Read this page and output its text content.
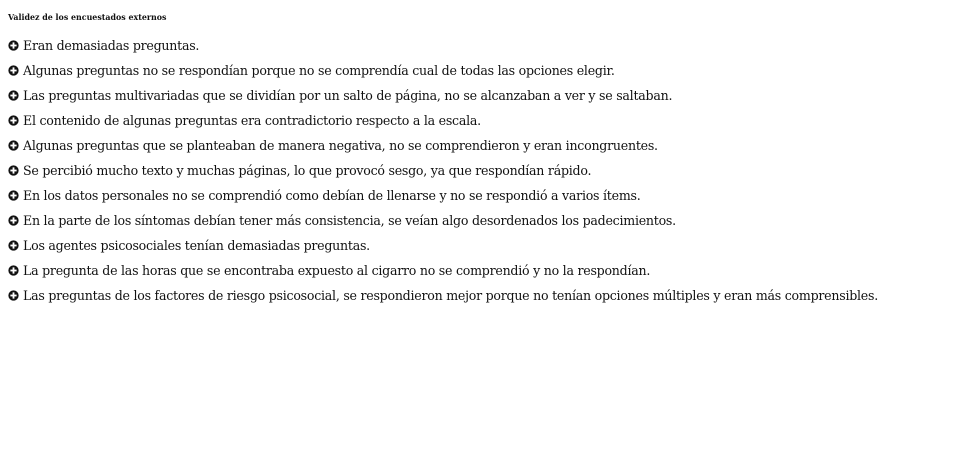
Validez de los encuestados externos
Eran demasiadas preguntas.
Algunas preguntas no se respondían porque no se comprendía cual de todas las opciones elegir.
Las preguntas multivariadas que se dividían por un salto de página, no se alcanzaban a ver y se saltaban.
El contenido de algunas preguntas era contradictorio respecto a la escala.
Algunas preguntas que se planteaban de manera negativa, no se comprendieron y eran incongruentes.
Se percibió mucho texto y muchas páginas, lo que provocó sesgo, ya que respondían rápido.
En los datos personales no se comprendió como debían de llenarse y no se respondió a varios ítems.
En la parte de los síntomas debían tener más consistencia, se veían algo desordenados los padecimientos.
Los agentes psicosociales tenían demasiadas preguntas.
La pregunta de las horas que se encontraba expuesto al cigarro no se comprendió y no la respondían.
Las preguntas de los factores de riesgo psicosocial, se respondieron mejor porque no tenían opciones múltiples y eran más comprensibles.
